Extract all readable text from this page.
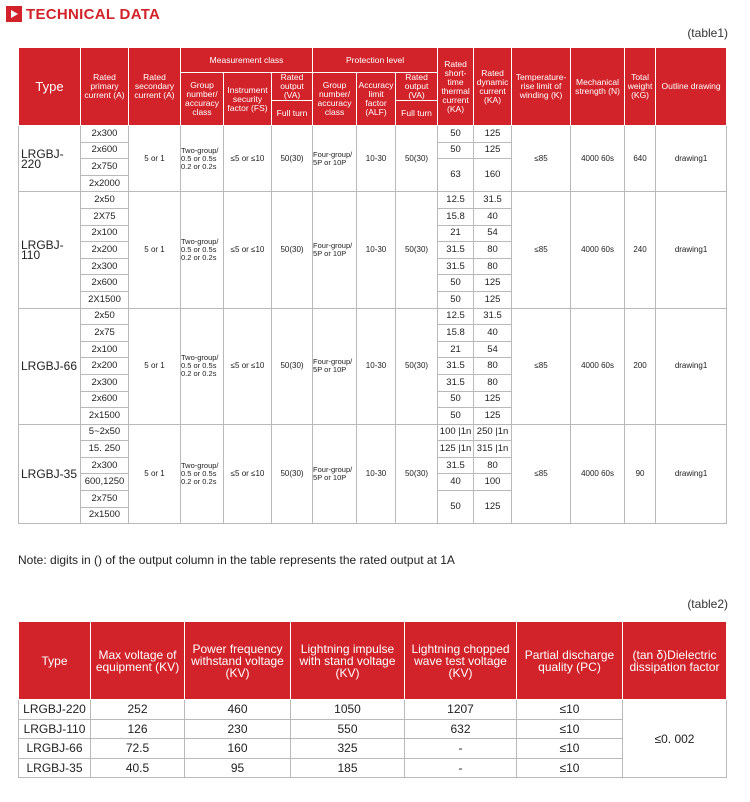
TECHNICAL DATA
(table1)
Type	Rated primary current (A)	Rated secondary current (A)	Measurement class			Protection level			Rated short-time thermal current (KA)	Rated dynamic current (KA)	Temperature-rise limit of winding (K)	Mechanical strength (N)	Total weight (KG)	Outline drawing
			Group number/ accuracy class	Instrument security factor (FS)	Rated output (VA)	Group number/ accuracy class	Accuracy limit factor (ALF)	Rated output (VA)						
					Full turn			Full turn						
LRGBJ-220	2x300	5 or 1	Two-group/ 0.5 or 0.5s 0.2 or 0.2s	≤5 or ≤10	50(30)	Four-group/ 5P or 10P	10-30	50(30)	50	125	≤85	4000 60s	640	drawing1
	2x600								50	125				
	2x750								63	160				
	2x2000													
LRGBJ-110	2x50	5 or 1	Two-group/ 0.5 or 0.5s 0.2 or 0.2s	≤5 or ≤10	50(30)	Four-group/ 5P or 10P	10-30	50(30)	12.5	31.5	≤85	4000 60s	240	drawing1
	2X75								15.8	40				
	2x100								21	54				
	2x200								31.5	80				
	2x300								31.5	80				
	2x600								50	125				
	2X1500								50	125				
LRGBJ-66	2x50	5 or 1	Two-group/ 0.5 or 0.5s 0.2 or 0.2s	≤5 or ≤10	50(30)	Four-group/ 5P or 10P	10-30	50(30)	12.5	31.5	≤85	4000 60s	200	drawing1
	2x75								15.8	40				
	2x100								21	54				
	2x200								31.5	80				
	2x300								31.5	80				
	2x600								50	125				
	2x1500								50	125				
LRGBJ-35	5~2x50	5 or 1	Two-group/ 0.5 or 0.5s 0.2 or 0.2s	≤5 or ≤10	50(30)	Four-group/ 5P or 10P	10-30	50(30)	100 |1n	250 |1n	≤85	4000 60s	90	drawing1
	15. 250								125 |1n	315 |1n				
	2x300								31.5	80				
	600,1250								40	100				
	2x750								50	125				
	2x1500													
Note: digits in () of the output column in the table represents the rated output at 1A
(table2)
Type	Max voltage of equipment (KV)	Power frequency withstand voltage (KV)	Lightning impulse with stand voltage (KV)	Lightning chopped wave test voltage (KV)	Partial discharge quality (PC)	(tan δ)Dielectric dissipation factor
LRGBJ-220	252	460	1050	1207	≤10	≤0. 002
LRGBJ-110	126	230	550	632	≤10	
LRGBJ-66	72.5	160	325	-	≤10	
LRGBJ-35	40.5	95	185	-	≤10	
